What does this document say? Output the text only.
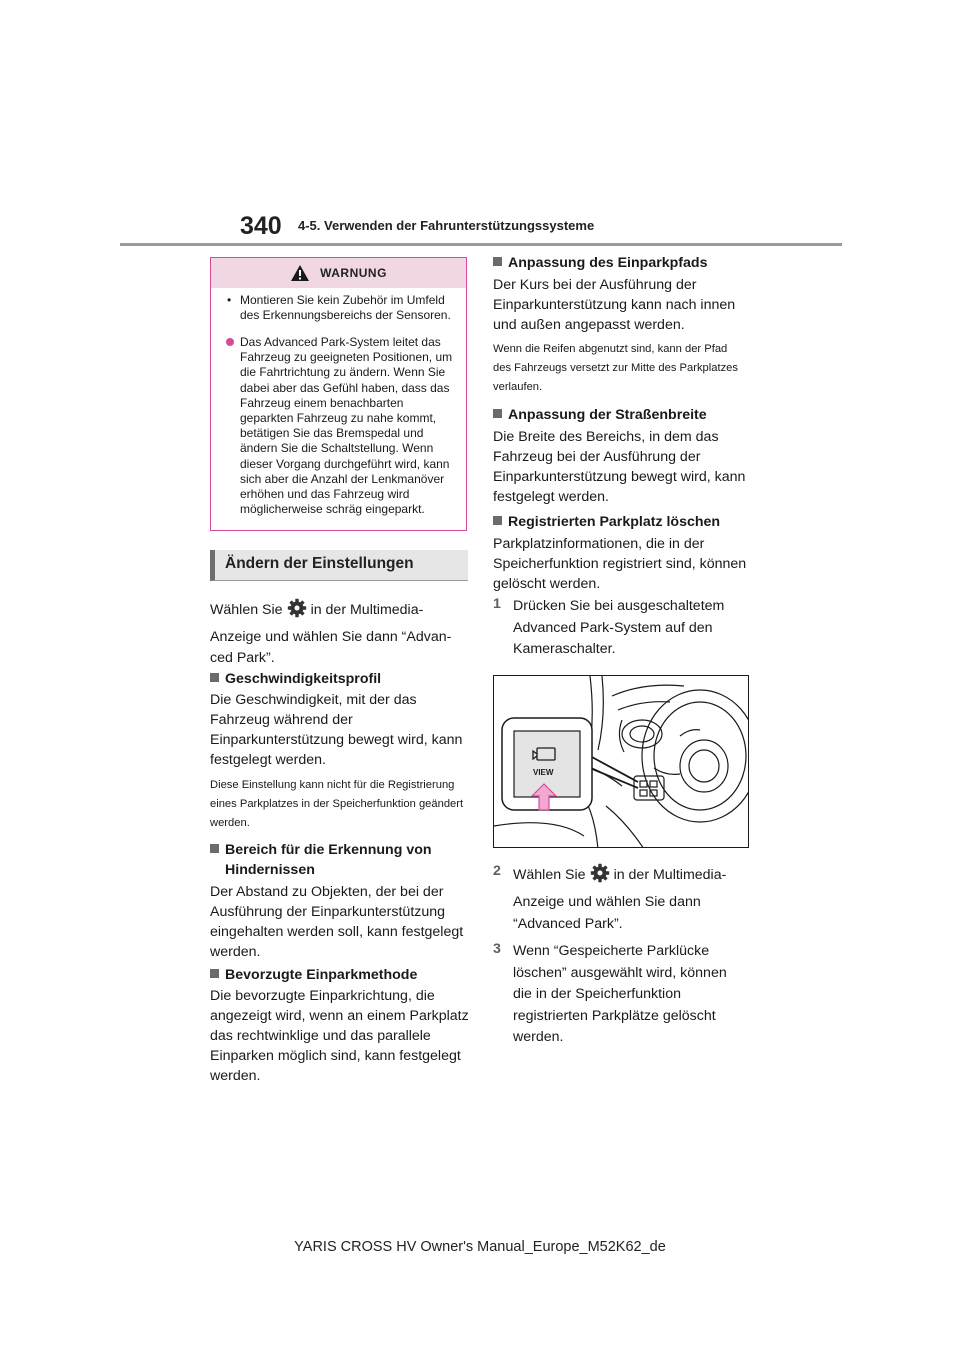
340 4-5. Verwenden der Fahrunterstützungssysteme
WARNUNG
• Montieren Sie kein Zubehör im Umfeld des Erkennungsbereichs der Sensoren.
Das Advanced Park-System leitet das Fahrzeug zu geeigneten Positionen, um die Fahrtrichtung zu ändern. Wenn Sie dabei aber das Gefühl haben, dass das Fahrzeug einem benachbarten geparkten Fahrzeug zu nahe kommt, betätigen Sie das Bremspedal und ändern Sie die Schaltstellung. Wenn dieser Vorgang durchgeführt wird, kann sich aber die Anzahl der Lenkmanöver erhöhen und das Fahrzeug wird möglicherweise schräg eingeparkt.
Ändern der Einstellungen
Wählen Sie in der Multimedia-
Anzeige und wählen Sie dann “Advan-
ced Park”.
Geschwindigkeitsprofil
Die Geschwindigkeit, mit der das Fahrzeug während der Einparkunterstützung bewegt wird, kann festgelegt werden.
Diese Einstellung kann nicht für die Registrierung eines Parkplatzes in der Speicherfunktion geändert werden.
Bereich für die Erkennung von
Hindernissen
Der Abstand zu Objekten, der bei der Ausführung der Einparkunterstützung eingehalten werden soll, kann festgelegt werden.
Bevorzugte Einparkmethode
Die bevorzugte Einparkrichtung, die angezeigt wird, wenn an einem Parkplatz das rechtwinklige und das parallele Einparken möglich sind, kann festgelegt werden.
Anpassung des Einparkpfads
Der Kurs bei der Ausführung der Einparkunterstützung kann nach innen und außen angepasst werden.
Wenn die Reifen abgenutzt sind, kann der Pfad des Fahrzeugs versetzt zur Mitte des Parkplatzes verlaufen.
Anpassung der Straßenbreite
Die Breite des Bereichs, in dem das Fahrzeug bei der Ausführung der Einparkunterstützung bewegt wird, kann festgelegt werden.
Registrierten Parkplatz löschen
Parkplatzinformationen, die in der Speicherfunktion registriert sind, können gelöscht werden.
1 Drücken Sie bei ausgeschaltetem Advanced Park-System auf den Kameraschalter.
VIEW
2 Wählen Sie in der Multimedia-
Anzeige und wählen Sie dann
“Advanced Park”.
3 Wenn “Gespeicherte Parklücke löschen” ausgewählt wird, können die in der Speicherfunktion registrierten Parkplätze gelöscht werden.
YARIS CROSS HV Owner's Manual_Europe_M52K62_de
